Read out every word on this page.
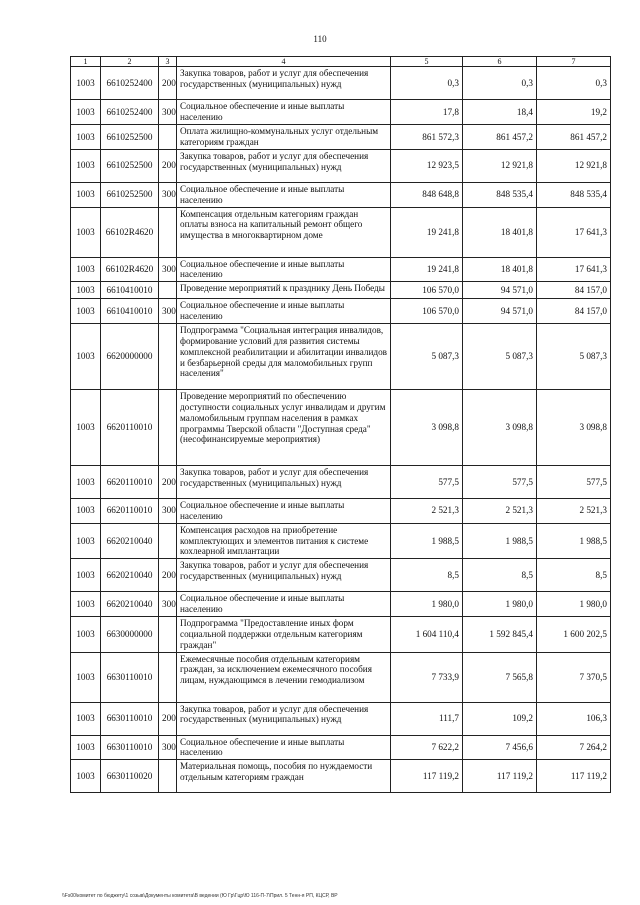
110
1	2	3	4	5	6	7
1003	6610252400	200	Закупка товаров, работ и услуг для обеспечения государственных (муниципальных) нужд	0,3	0,3	0,3
1003	6610252400	300	Социальное обеспечение и иные выплаты населению	17,8	18,4	19,2
1003	6610252500		Оплата жилищно-коммунальных услуг отдельным категориям граждан	861 572,3	861 457,2	861 457,2
1003	6610252500	200	Закупка товаров, работ и услуг для обеспечения государственных (муниципальных) нужд	12 923,5	12 921,8	12 921,8
1003	6610252500	300	Социальное обеспечение и иные выплаты населению	848 648,8	848 535,4	848 535,4
1003	66102R4620		Компенсация отдельным категориям граждан оплаты взноса на капитальный ремонт общего имущества в многоквартирном доме	19 241,8	18 401,8	17 641,3
1003	66102R4620	300	Социальное обеспечение и иные выплаты населению	19 241,8	18 401,8	17 641,3
1003	6610410010		Проведение мероприятий к празднику День Победы	106 570,0	94 571,0	84 157,0
1003	6610410010	300	Социальное обеспечение и иные выплаты населению	106 570,0	94 571,0	84 157,0
1003	6620000000		Подпрограмма "Социальная интеграция инвалидов, формирование условий для развития системы комплексной реабилитации и абилитации инвалидов и безбарьерной среды для маломобильных групп населения"	5 087,3	5 087,3	5 087,3
1003	6620110010		Проведение мероприятий по обеспечению доступности социальных услуг инвалидам и другим маломобильным группам населения в рамках программы Тверской области "Доступная среда" (несофинансируемые мероприятия)	3 098,8	3 098,8	3 098,8
1003	6620110010	200	Закупка товаров, работ и услуг для обеспечения государственных (муниципальных) нужд	577,5	577,5	577,5
1003	6620110010	300	Социальное обеспечение и иные выплаты населению	2 521,3	2 521,3	2 521,3
1003	6620210040		Компенсация расходов на приобретение комплектующих и элементов питания к системе кохлеарной имплантации	1 988,5	1 988,5	1 988,5
1003	6620210040	200	Закупка товаров, работ и услуг для обеспечения государственных (муниципальных) нужд	8,5	8,5	8,5
1003	6620210040	300	Социальное обеспечение и иные выплаты населению	1 980,0	1 980,0	1 980,0
1003	6630000000		Подпрограмма "Предоставление иных форм социальной поддержки отдельным категориям граждан"	1 604 110,4	1 592 845,4	1 600 202,5
1003	6630110010		Ежемесячные пособия отдельным категориям граждан, за исключением ежемесячного пособия лицам, нуждающимся в лечении гемодиализом	7 733,9	7 565,8	7 370,5
1003	6630110010	200	Закупка товаров, работ и услуг для обеспечения государственных (муниципальных) нужд	111,7	109,2	106,3
1003	6630110010	300	Социальное обеспечение и иные выплаты населению	7 622,2	7 456,6	7 264,2
1003	6630110020		Материальная помощь, пособия по нуждаемости отдельным категориям граждан	117 119,2	117 119,2	117 119,2
\\Fs00\комитет по бюджету\1 созыв\Документы комитета\В ведении (Ю Гр\Гцр\Ю 116-П-7\Прил. 5 Тенн-я РП, КЦСР, ВР
